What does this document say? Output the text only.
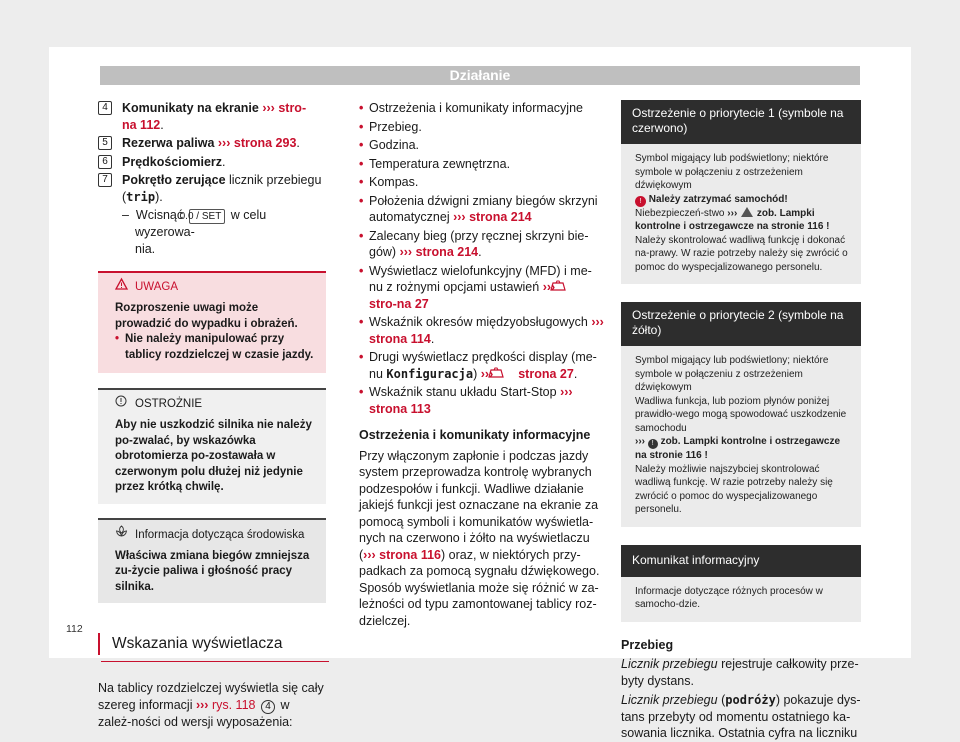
Działanie
4	Komunikaty na ekranie ››› stro-
na 112.
5	Rezerwa paliwa ››› strona 293.
6	Prędkościomierz.
7	Pokrętło zerujące licznik przebiegu
(trip).
– Wcisnąć 0.0 / SET w celu wyzerowa-
nia.
UWAGA
Rozproszenie uwagi może prowadzić do wypadku i obrażeń.
• Nie należy manipulować przy tablicy rozdzielczej w czasie jazdy.
OSTROŻNIE
Aby nie uszkodzić silnika nie należy po-zwalać, by wskazówka obrotomierza po-zostawała w czerwonym polu dłużej niż jedynie przez krótką chwilę.
Informacja dotycząca środowiska
Właściwa zmiana biegów zmniejsza zu-życie paliwa i głośność pracy silnika.
Wskazania wyświetlacza
Na tablicy rozdzielczej wyświetla się cały szereg informacji ››› rys. 118 4 w zależ-ności od wersji wyposażenia:
• Ostrzeżenia i komunikaty informacyjne
• Przebieg.
• Godzina.
• Temperatura zewnętrzna.
• Kompas.
• Położenia dźwigni zmiany biegów skrzyni automatycznej ››› strona 214
• Zalecany bieg (przy ręcznej skrzyni bie-gów) ››› strona 214.
• Wyświetlacz wielofunkcyjny (MFD) i me-nu z rożnymi opcjami ustawień ›››  stro-na 27
• Wskaźnik okresów międzyobsługowych ››› strona 114.
• Drugi wyświetlacz prędkości display (me-nu Konfiguracja) ››› strona 27.
• Wskaźnik stanu układu Start-Stop ››› strona 113
Ostrzeżenia i komunikaty informacyjne
Przy włączonym zapłonie i podczas jazdy system przeprowadza kontrolę wybranych podzespołów i funkcji. Wadliwe działanie jakiejś funkcji jest oznaczane na ekranie za pomocą symboli i komunikatów wyświetla-nych na czerwono i żółto na wyświetlaczu (››› strona 116) oraz, w niektórych przy-padkach za pomocą sygnału dźwiękowego. Sposób wyświetlania może się różnić w za-leżności od typu zamontowanej tablicy roz-dzielczej.
Ostrzeżenie o priorytecie 1 (symbole na czerwono)
Symbol migający lub podświetlony; niektóre symbole w połączeniu z ostrzeżeniem dźwiękowym
! Należy zatrzymać samochód! Niebezpieczeń-stwo ››› zob. Lampki kontrolne i ostrzegawcze na stronie 116 !
Należy skontrolować wadliwą funkcję i dokonać na-prawy. W razie potrzeby należy się zwrócić o pomoc do wyspecjalizowanego personelu.
Ostrzeżenie o priorytecie 2 (symbole na żółto)
Symbol migający lub podświetlony; niektóre symbole w połączeniu z ostrzeżeniem dźwiękowym
Wadliwa funkcja, lub poziom płynów poniżej prawidło-wego mogą spowodować uszkodzenie samochodu
››› ! zob. Lampki kontrolne i ostrzegawcze na stronie 116 !
Należy możliwie najszybciej skontrolować wadliwą funkcję. W razie potrzeby należy się zwrócić o pomoc do wyspecjalizowanego personelu.
Komunikat informacyjny
Informacje dotyczące różnych procesów w samocho-dzie.
Przebieg
Licznik przebiegu rejestruje całkowity prze-byty dystans.
Licznik przebiegu (podróży) pokazuje dys-tans przebyty od momentu ostatniego ka-sowania licznika. Ostatnia cyfra na liczniku
112
